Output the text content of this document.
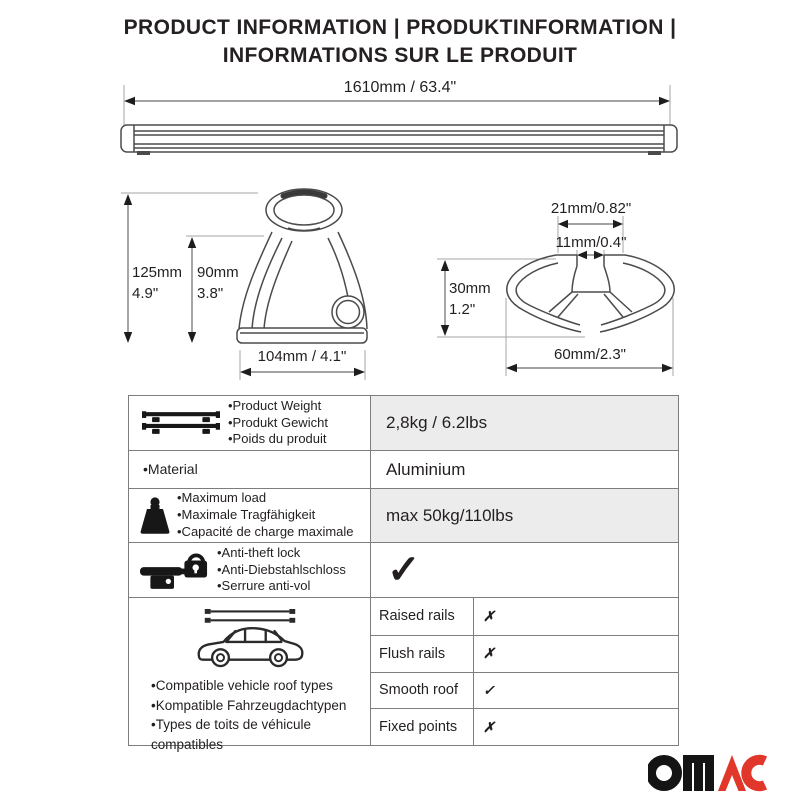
PRODUCT INFORMATION | PRODUKTINFORMATION |
INFORMATIONS SUR LE PRODUIT
1610mm / 63.4"
125mm
4.9"
90mm
3.8"
104mm / 4.1"
21mm/0.82"
11mm/0.4"
30mm
1.2"
60mm/2.3"
•Product Weight
•Produkt Gewicht
•Poids du produit
2,8kg / 6.2lbs
•Material	Aluminium
•Maximum load
•Maximale Tragfähigkeit
•Capacité de charge maximale
max 50kg/110lbs
•Anti-theft lock
•Anti-Diebstahlschloss
•Serrure anti-vol	✓
•Compatible vehicle roof types
•Kompatible Fahrzeugdachtypen
•Types de toits de véhicule compatibles
Raised rails	✗
Flush rails	✗
Smooth roof	✓
Fixed points	✗
